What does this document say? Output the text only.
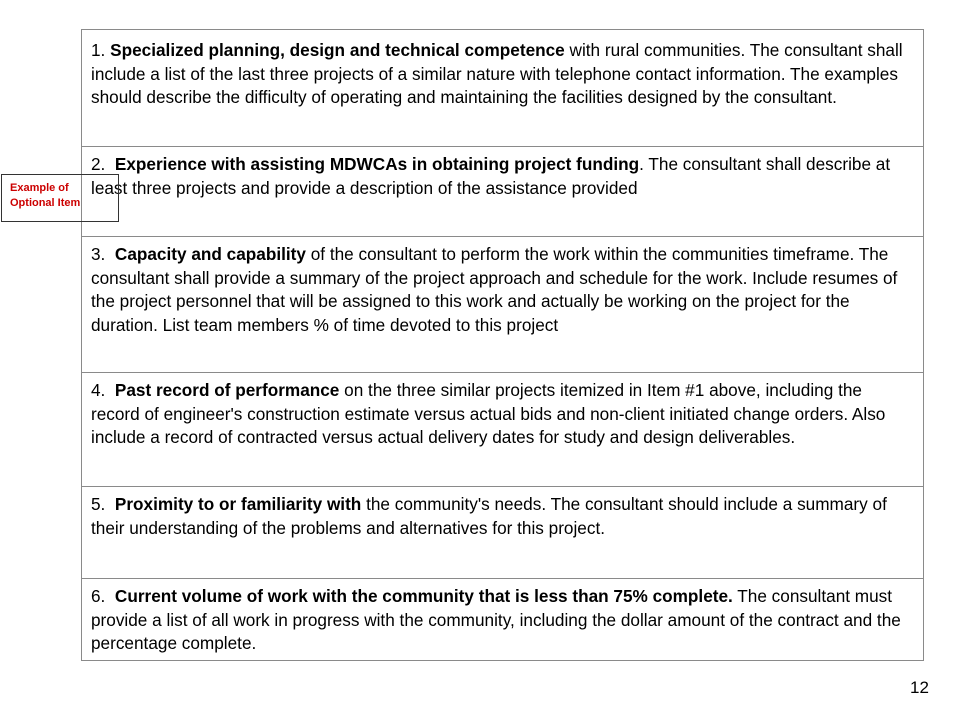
1. Specialized planning, design and technical competence with rural communities. The consultant shall include a list of the last three projects of a similar nature with telephone contact information. The examples should describe the difficulty of operating and maintaining the facilities designed by the consultant.
2. Experience with assisting MDWCAs in obtaining project funding. The consultant shall describe at least three projects and provide a description of the assistance provided
3. Capacity and capability of the consultant to perform the work within the communities timeframe. The consultant shall provide a summary of the project approach and schedule for the work. Include resumes of the project personnel that will be assigned to this work and actually be working on the project for the duration. List team members % of time devoted to this project
4. Past record of performance on the three similar projects itemized in Item #1 above, including the record of engineer's construction estimate versus actual bids and non-client initiated change orders. Also include a record of contracted versus actual delivery dates for study and design deliverables.
5. Proximity to or familiarity with the community's needs. The consultant should include a summary of their understanding of the problems and alternatives for this project.
6. Current volume of work with the community that is less than 75% complete. The consultant must provide a list of all work in progress with the community, including the dollar amount of the contract and the percentage complete.
Example of
Optional Item
12
